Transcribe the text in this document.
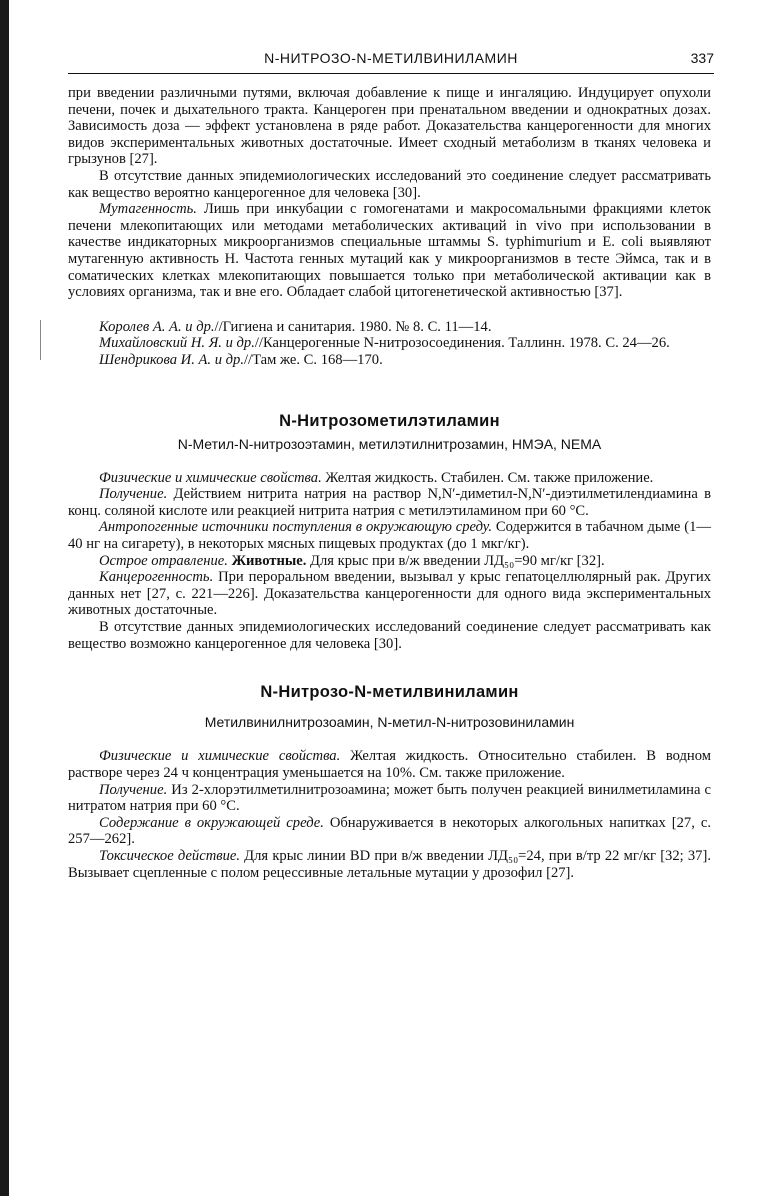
N-НИТРОЗО-N-МЕТИЛВИНИЛАМИН	337

при введении различными путями, включая добавление к пище и ингаляцию. Индуцирует опухоли печени, почек и дыхательного тракта. Канцероген при пренатальном введении и однократных дозах. Зависимость доза — эффект установлена в ряде работ. Доказательства канцерогенности для многих видов экспериментальных животных достаточные. Имеет сходный метаболизм в тканях человека и грызунов [27].

В отсутствие данных эпидемиологических исследований это соединение следует рассматривать как вещество вероятно канцерогенное для человека [30].

Мутагенность. Лишь при инкубации с гомогенатами и макросомальными фракциями клеток печени млекопитающих или методами метаболических активаций in vivo при использовании в качестве индикаторных микроорганизмов специальные штаммы S. typhimurium и E. coli выявляют мутагенную активность Н. Частота генных мутаций как у микроорганизмов в тесте Эймса, так и в соматических клетках млекопитающих повышается только при метаболической активации как в условиях организма, так и вне его. Обладает слабой цитогенетической активностью [37].

Королев А. А. и др.//Гигиена и санитария. 1980. № 8. С. 11—14.

Михайловский Н. Я. и др.//Канцерогенные N-нитрозосоединения. Таллинн. 1978. С. 24—26.

Шендрикова И. А. и др.//Там же. С. 168—170.

N-Нитрозометилэтиламин

N-Метил-N-нитрозоэтамин, метилэтилнитрозамин, НМЭА, NEMA

Физические и химические свойства. Желтая жидкость. Стабилен. См. также приложение.

Получение. Действием нитрита натрия на раствор N,N′-диметил-N,N′-диэтилметилендиамина в конц. соляной кислоте или реакцией нитрита натрия с метилэтиламином при 60 °С.

Антропогенные источники поступления в окружающую среду. Содержится в табачном дыме (1—40 нг на сигарету), в некоторых мясных пищевых продуктах (до 1 мкг/кг).

Острое отравление. Животные. Для крыс при в/ж введении ЛД₅₀=90 мг/кг [32].

Канцерогенность. При пероральном введении, вызывал у крыс гепатоцеллюлярный рак. Других данных нет [27, с. 221—226]. Доказательства канцерогенности для одного вида экспериментальных животных достаточные.

В отсутствие данных эпидемиологических исследований соединение следует рассматривать как вещество возможно канцерогенное для человека [30].

N-Нитрозо-N-метилвиниламин

Метилвинилнитрозоамин, N-метил-N-нитрозовиниламин

Физические и химические свойства. Желтая жидкость. Относительно стабилен. В водном растворе через 24 ч концентрация уменьшается на 10%. См. также приложение.

Получение. Из 2-хлорэтилметилнитрозоамина; может быть получен реакцией винилметиламина с нитратом натрия при 60 °С.

Содержание в окружающей среде. Обнаруживается в некоторых алкогольных напитках [27, с. 257—262].

Токсическое действие. Для крыс линии BD при в/ж введении ЛД₅₀=24, при в/тр 22 мг/кг [32; 37]. Вызывает сцепленные с полом рецессивные летальные мутации у дрозофил [27].
